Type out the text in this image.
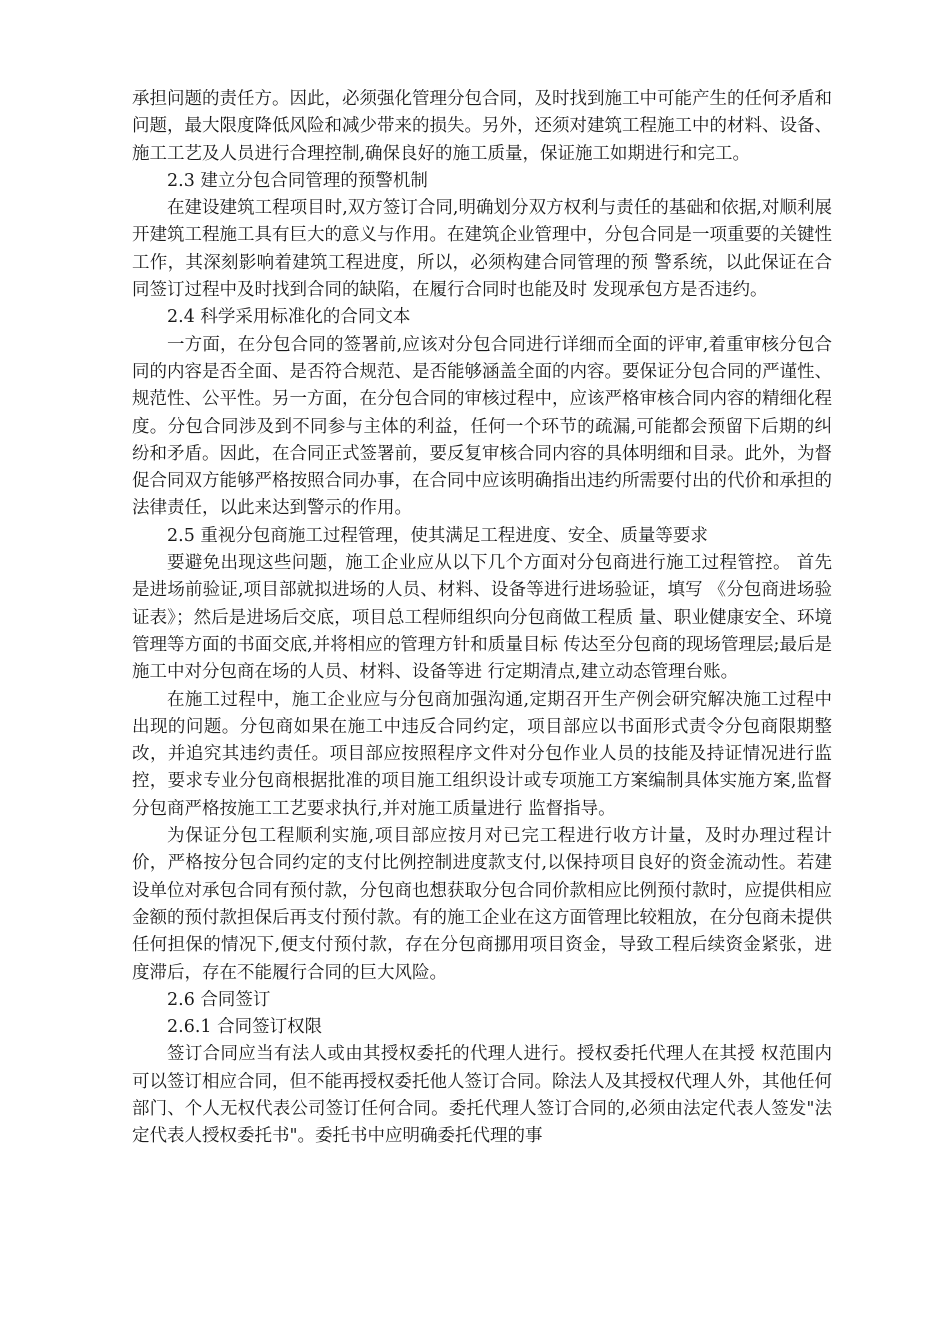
承担问题的责任方。因此，必须强化管理分包合同，及时找到施工中可能产生的任何矛盾和问题，最大限度降低风险和减少带来的损失。另外，还须对建筑工程施工中的材料、设备、施工工艺及人员进行合理控制,确保良好的施工质量，保证施工如期进行和完工。

2.3 建立分包合同管理的预警机制

在建设建筑工程项目时,双方签订合同,明确划分双方权利与责任的基础和依据,对顺利展开建筑工程施工具有巨大的意义与作用。在建筑企业管理中，分包合同是一项重要的关键性工作，其深刻影响着建筑工程进度，所以，必须构建合同管理的预 警系统，以此保证在合同签订过程中及时找到合同的缺陷，在履行合同时也能及时 发现承包方是否违约。

2.4 科学采用标准化的合同文本

一方面，在分包合同的签署前,应该对分包合同进行详细而全面的评审,着重审核分包合同的内容是否全面、是否符合规范、是否能够涵盖全面的内容。要保证分包合同的严谨性、规范性、公平性。另一方面，在分包合同的审核过程中，应该严格审核合同内容的精细化程度。分包合同涉及到不同参与主体的利益，任何一个环节的疏漏,可能都会预留下后期的纠纷和矛盾。因此，在合同正式签署前，要反复审核合同内容的具体明细和目录。此外，为督促合同双方能够严格按照合同办事，在合同中应该明确指出违约所需要付出的代价和承担的法律责任，以此来达到警示的作用。

2.5 重视分包商施工过程管理，使其满足工程进度、安全、质量等要求

要避免出现这些问题，施工企业应从以下几个方面对分包商进行施工过程管控。 首先是进场前验证,项目部就拟进场的人员、材料、设备等进行进场验证，填写 《分包商进场验证表》；然后是进场后交底，项目总工程师组织向分包商做工程质 量、职业健康安全、环境管理等方面的书面交底,并将相应的管理方针和质量目标 传达至分包商的现场管理层;最后是施工中对分包商在场的人员、材料、设备等进 行定期清点,建立动态管理台账。

在施工过程中，施工企业应与分包商加强沟通,定期召开生产例会研究解决施工过程中出现的问题。分包商如果在施工中违反合同约定，项目部应以书面形式责令分包商限期整改，并追究其违约责任。项目部应按照程序文件对分包作业人员的技能及持证情况进行监控，要求专业分包商根据批准的项目施工组织设计或专项施工方案编制具体实施方案,监督分包商严格按施工工艺要求执行,并对施工质量进行 监督指导。

为保证分包工程顺利实施,项目部应按月对已完工程进行收方计量，及时办理过程计价，严格按分包合同约定的支付比例控制进度款支付,以保持项目良好的资金流动性。若建设单位对承包合同有预付款，分包商也想获取分包合同价款相应比例预付款时，应提供相应金额的预付款担保后再支付预付款。有的施工企业在这方面管理比较粗放，在分包商未提供任何担保的情况下,便支付预付款，存在分包商挪用项目资金，导致工程后续资金紧张，进度滞后，存在不能履行合同的巨大风险。

2.6 合同签订

2.6.1 合同签订权限

签订合同应当有法人或由其授权委托的代理人进行。授权委托代理人在其授 权范围内可以签订相应合同，但不能再授权委托他人签订合同。除法人及其授权代理人外，其他任何部门、个人无权代表公司签订任何合同。委托代理人签订合同的,必须由法定代表人签发"法定代表人授权委托书"。委托书中应明确委托代理的事
